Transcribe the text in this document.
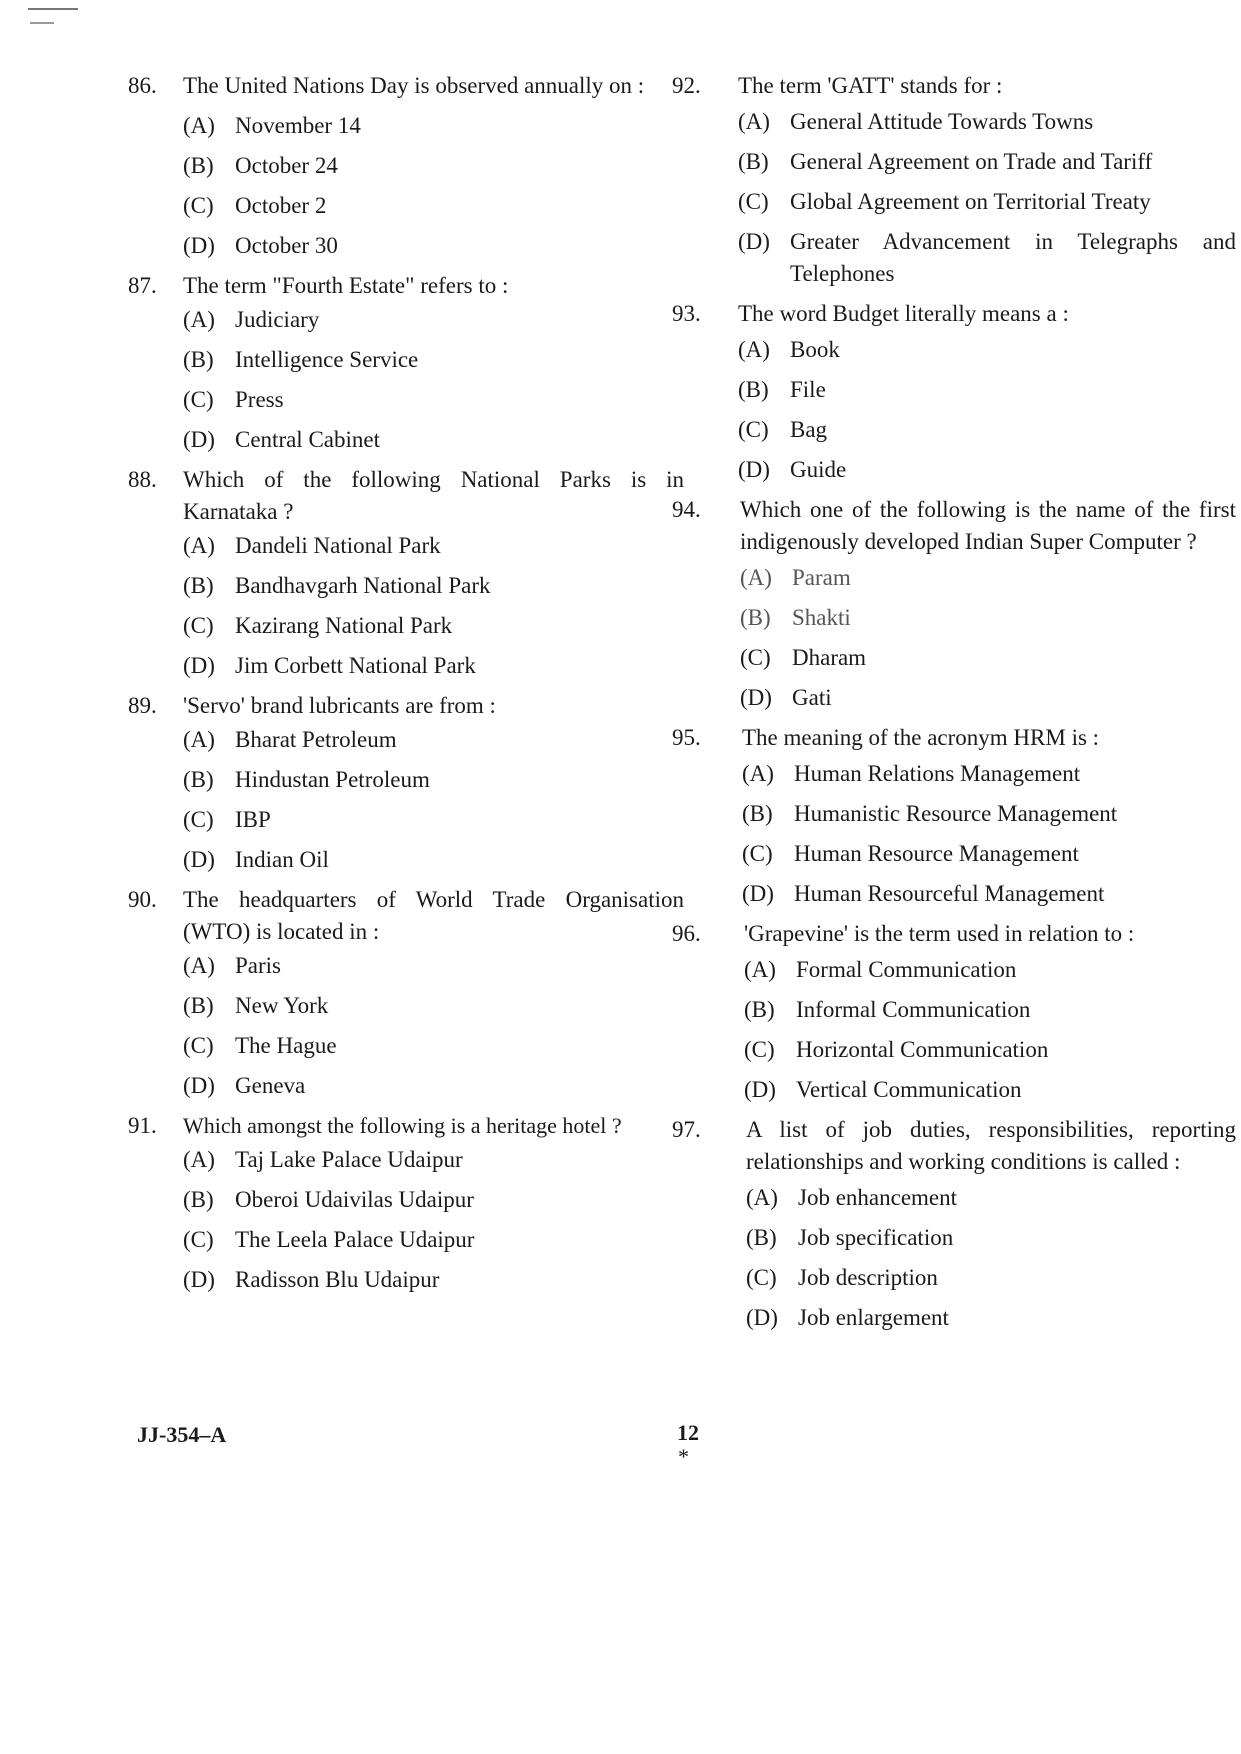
86.	The United Nations Day is observed annually on :
(A) November 14
(B) October 24
(C) October 2
(D) October 30
87.	The term "Fourth Estate" refers to :
(A) Judiciary
(B) Intelligence Service
(C) Press
(D) Central Cabinet
88.	Which of the following National Parks is in Karnataka ?
(A) Dandeli National Park
(B) Bandhavgarh National Park
(C) Kazirang National Park
(D) Jim Corbett National Park
89.	'Servo' brand lubricants are from :
(A) Bharat Petroleum
(B) Hindustan Petroleum
(C) IBP
(D) Indian Oil
90.	The headquarters of World Trade Organisation (WTO) is located in :
(A) Paris
(B) New York
(C) The Hague
(D) Geneva
91.	Which amongst the following is a heritage hotel ?
(A) Taj Lake Palace Udaipur
(B) Oberoi Udaivilas Udaipur
(C) The Leela Palace Udaipur
(D) Radisson Blu Udaipur
92.	The term 'GATT' stands for :
(A) General Attitude Towards Towns
(B) General Agreement on Trade and Tariff
(C) Global Agreement on Territorial Treaty
(D) Greater Advancement in Telegraphs and Telephones
93.	The word Budget literally means a :
(A) Book
(B) File
(C) Bag
(D) Guide
94.	Which one of the following is the name of the first indigenously developed Indian Super Computer ?
(A) Param
(B) Shakti
(C) Dharam
(D) Gati
95.	The meaning of the acronym HRM is :
(A) Human Relations Management
(B) Humanistic Resource Management
(C) Human Resource Management
(D) Human Resourceful Management
96.	'Grapevine' is the term used in relation to :
(A) Formal Communication
(B) Informal Communication
(C) Horizontal Communication
(D) Vertical Communication
97.	A list of job duties, responsibilities, reporting relationships and working conditions is called :
(A) Job enhancement
(B) Job specification
(C) Job description
(D) Job enlargement
JJ-354–A	12
*
